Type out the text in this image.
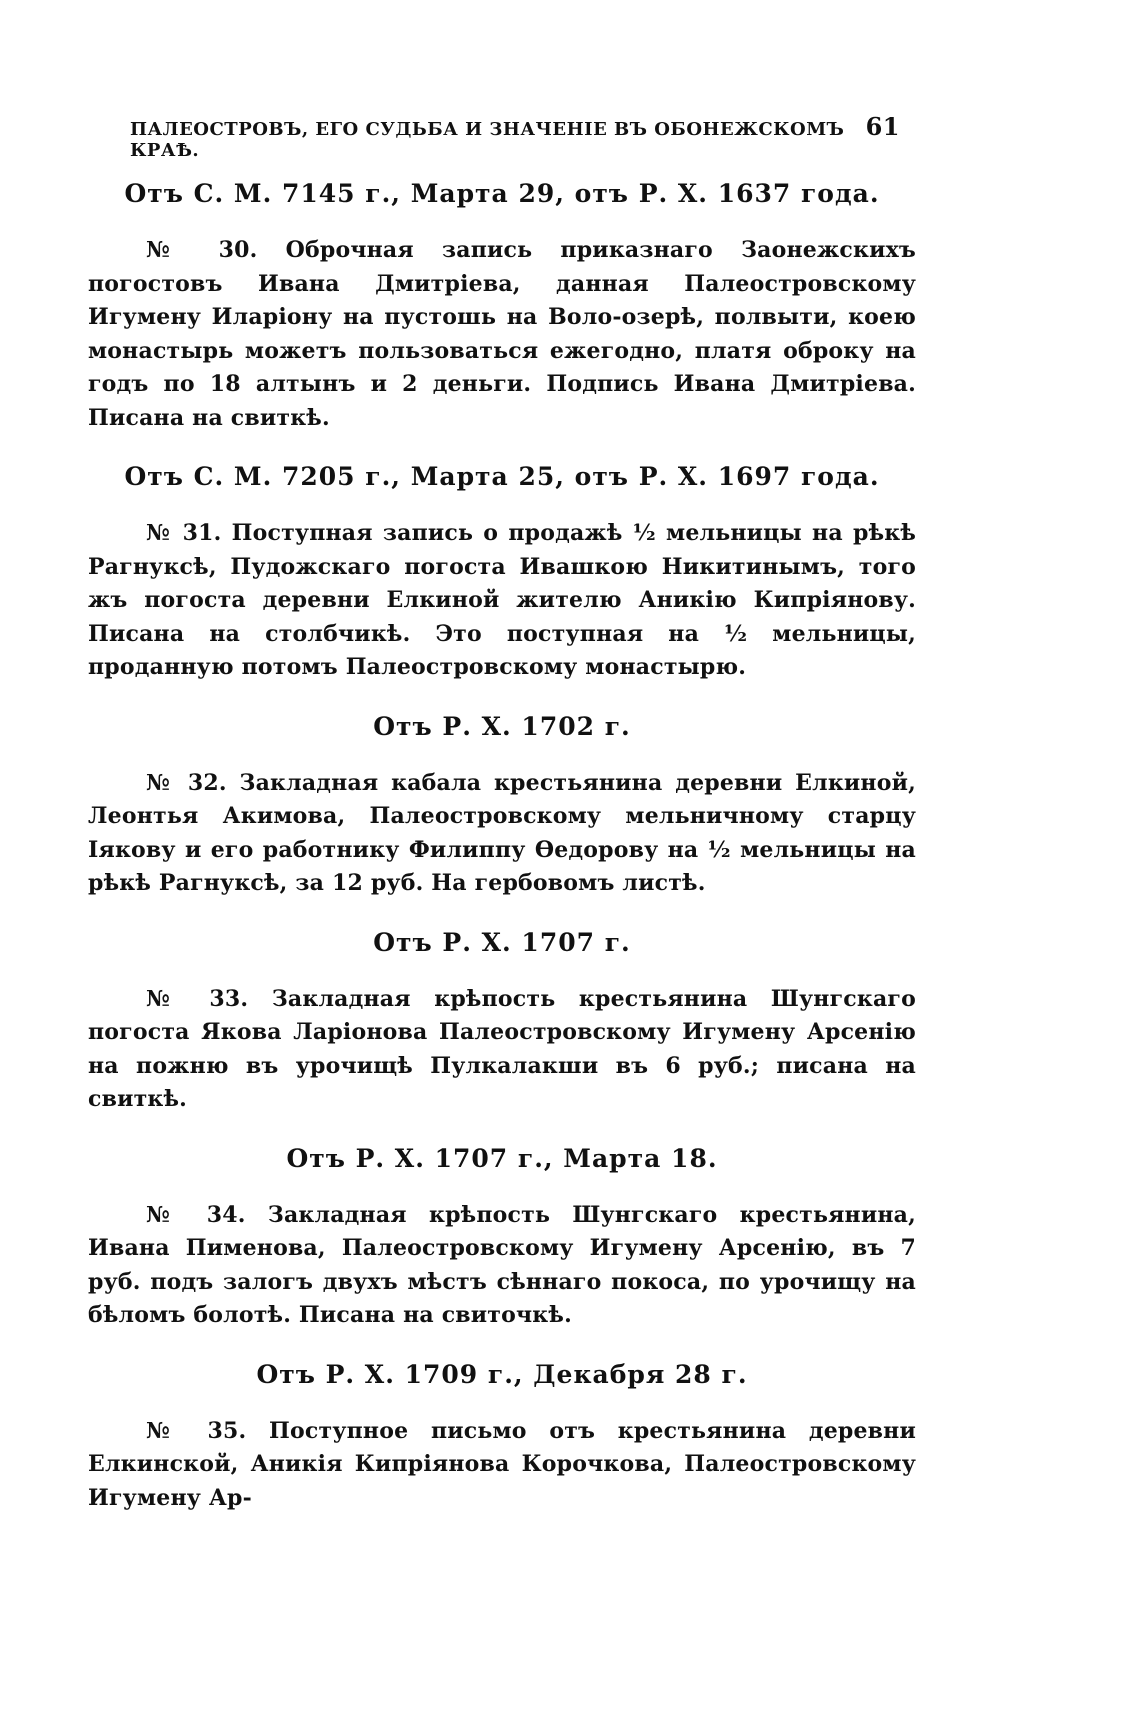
ПАЛЕОСТРОВЪ, ЕГО СУДЬБА И ЗНАЧЕНІЕ ВЪ ОБОНЕЖСКОМЪ КРАѢ.
61

Отъ С. М. 7145 г., Марта 29, отъ Р. Х. 1637 года.

№ 30. Оброчная запись приказнаго Заонежскихъ погостовъ Ивана Дмитріева, данная Палеостровскому Игумену Иларіону на пустошь на Воло-озерѣ, полвыти, коею монастырь можетъ пользоваться ежегодно, платя оброку на годъ по 18 алтынъ и 2 деньги. Подпись Ивана Дмитріева. Писана на свиткѣ.

Отъ С. М. 7205 г., Марта 25, отъ Р. Х. 1697 года.

№ 31. Поступная запись о продажѣ ½ мельницы на рѣкѣ Рагнуксѣ, Пудожскаго погоста Ивашкою Никитинымъ, того жъ погоста деревни Елкиной жителю Аникію Кипріянову. Писана на столбчикѣ. Это поступная на ½ мельницы, проданную потомъ Палеостровскому монастырю.

Отъ Р. Х. 1702 г.

№ 32. Закладная кабала крестьянина деревни Елкиной, Леонтья Акимова, Палеостровскому мельничному старцу Іякову и его работнику Филиппу Ѳедорову на ½ мельницы на рѣкѣ Рагнуксѣ, за 12 руб. На гербовомъ листѣ.

Отъ Р. Х. 1707 г.

№ 33. Закладная крѣпость крестьянина Шунгскаго погоста Якова Ларіонова Палеостровскому Игумену Арсенію на пожню въ урочищѣ Пулкалакши въ 6 руб.; писана на свиткѣ.

Отъ Р. Х. 1707 г., Марта 18.

№ 34. Закладная крѣпость Шунгскаго крестьянина, Ивана Пименова, Палеостровскому Игумену Арсенію, въ 7 руб. подъ залогъ двухъ мѣстъ сѣннаго покоса, по урочищу на бѣломъ болотѣ. Писана на свиточкѣ.

Отъ Р. Х. 1709 г., Декабря 28 г.

№ 35. Поступное письмо отъ крестьянина деревни Елкинской, Аникія Кипріянова Корочкова, Палеостровскому Игумену Ар-
